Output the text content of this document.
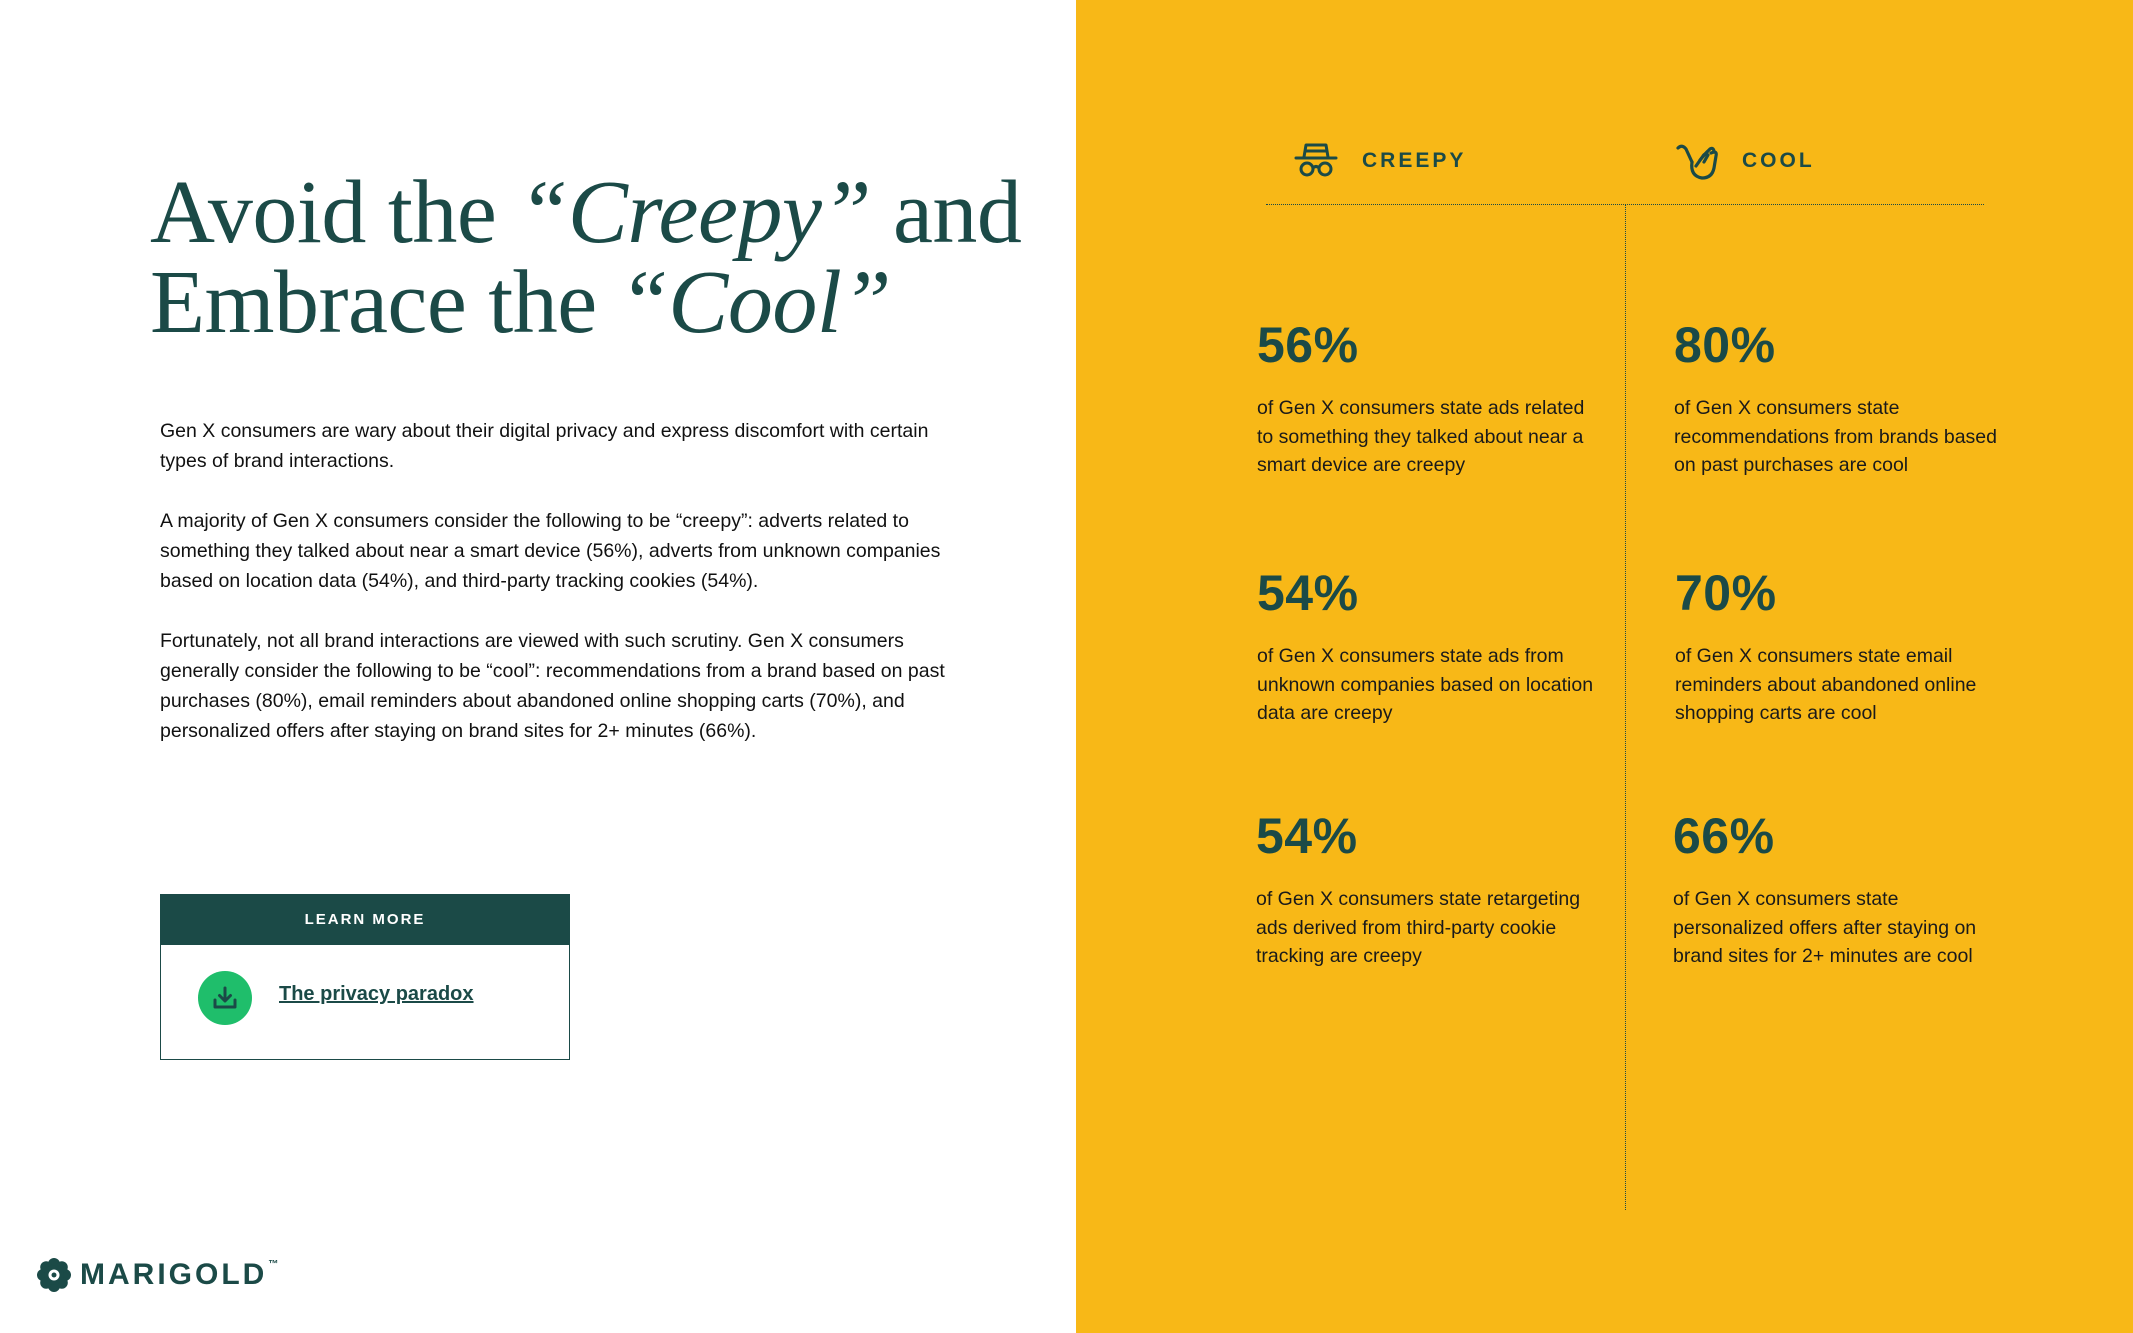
Avoid the “Creepy” and
Embrace the “Cool”

Gen X consumers are wary about their digital privacy and express discomfort with certain types of brand interactions.

A majority of Gen X consumers consider the following to be “creepy”: adverts related to something they talked about near a smart device (56%), adverts from unknown companies based on location data (54%), and third-party tracking cookies (54%).

Fortunately, not all brand interactions are viewed with such scrutiny. Gen X consumers generally consider the following to be “cool”: recommendations from a brand based on past purchases (80%), email reminders about abandoned online shopping carts (70%), and personalized offers after staying on brand sites for 2+ minutes (66%).

LEARN MORE
The privacy paradox
MARIGOLD ™
CREEPY	COOL
56%
of Gen X consumers state ads related to something they talked about near a smart device are creepy
54%
of Gen X consumers state ads from unknown companies based on location data are creepy
54%
of Gen X consumers state retargeting ads derived from third-party cookie tracking are creepy
80%
of Gen X consumers state recommendations from brands based on past purchases are cool
70%
of Gen X consumers state email reminders about abandoned online shopping carts are cool
66%
of Gen X consumers state personalized offers after staying on brand sites for 2+ minutes are cool
